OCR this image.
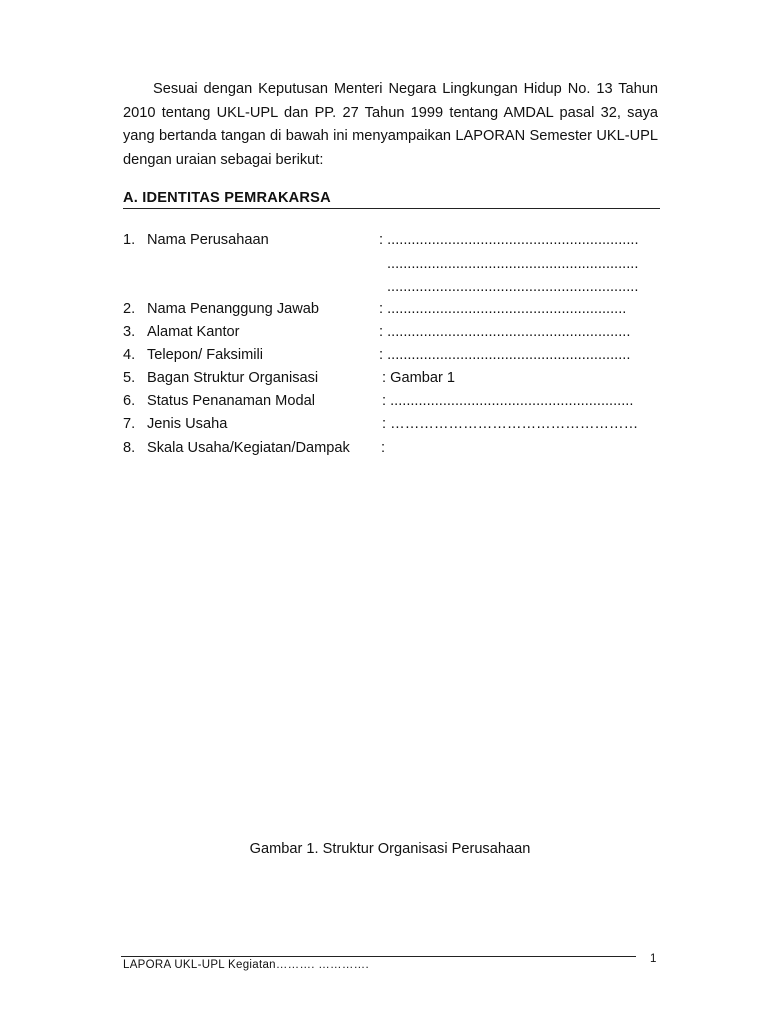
Sesuai dengan Keputusan Menteri Negara Lingkungan Hidup No. 13 Tahun 2010 tentang UKL-UPL dan PP. 27 Tahun 1999 tentang AMDAL pasal 32, saya yang bertanda tangan di bawah ini menyampaikan LAPORAN Semester UKL-UPL dengan uraian sebagai berikut:

A. IDENTITAS PEMRAKARSA
1. Nama Perusahaan	: ..............................................................
..............................................................
..............................................................
2. Nama Penanggung Jawab	: ...........................................................
3. Alamat Kantor	: ............................................................
4. Telepon/ Faksimili	: ............................................................
5. Bagan Struktur Organisasi	: Gambar 1
6. Status Penanaman Modal	: ............................................................
7. Jenis Usaha	: ……………………………………………
8. Skala Usaha/Kegiatan/Dampak :
Gambar 1. Struktur Organisasi Perusahaan
LAPORA UKL-UPL Kegiatan………. ………….	1
